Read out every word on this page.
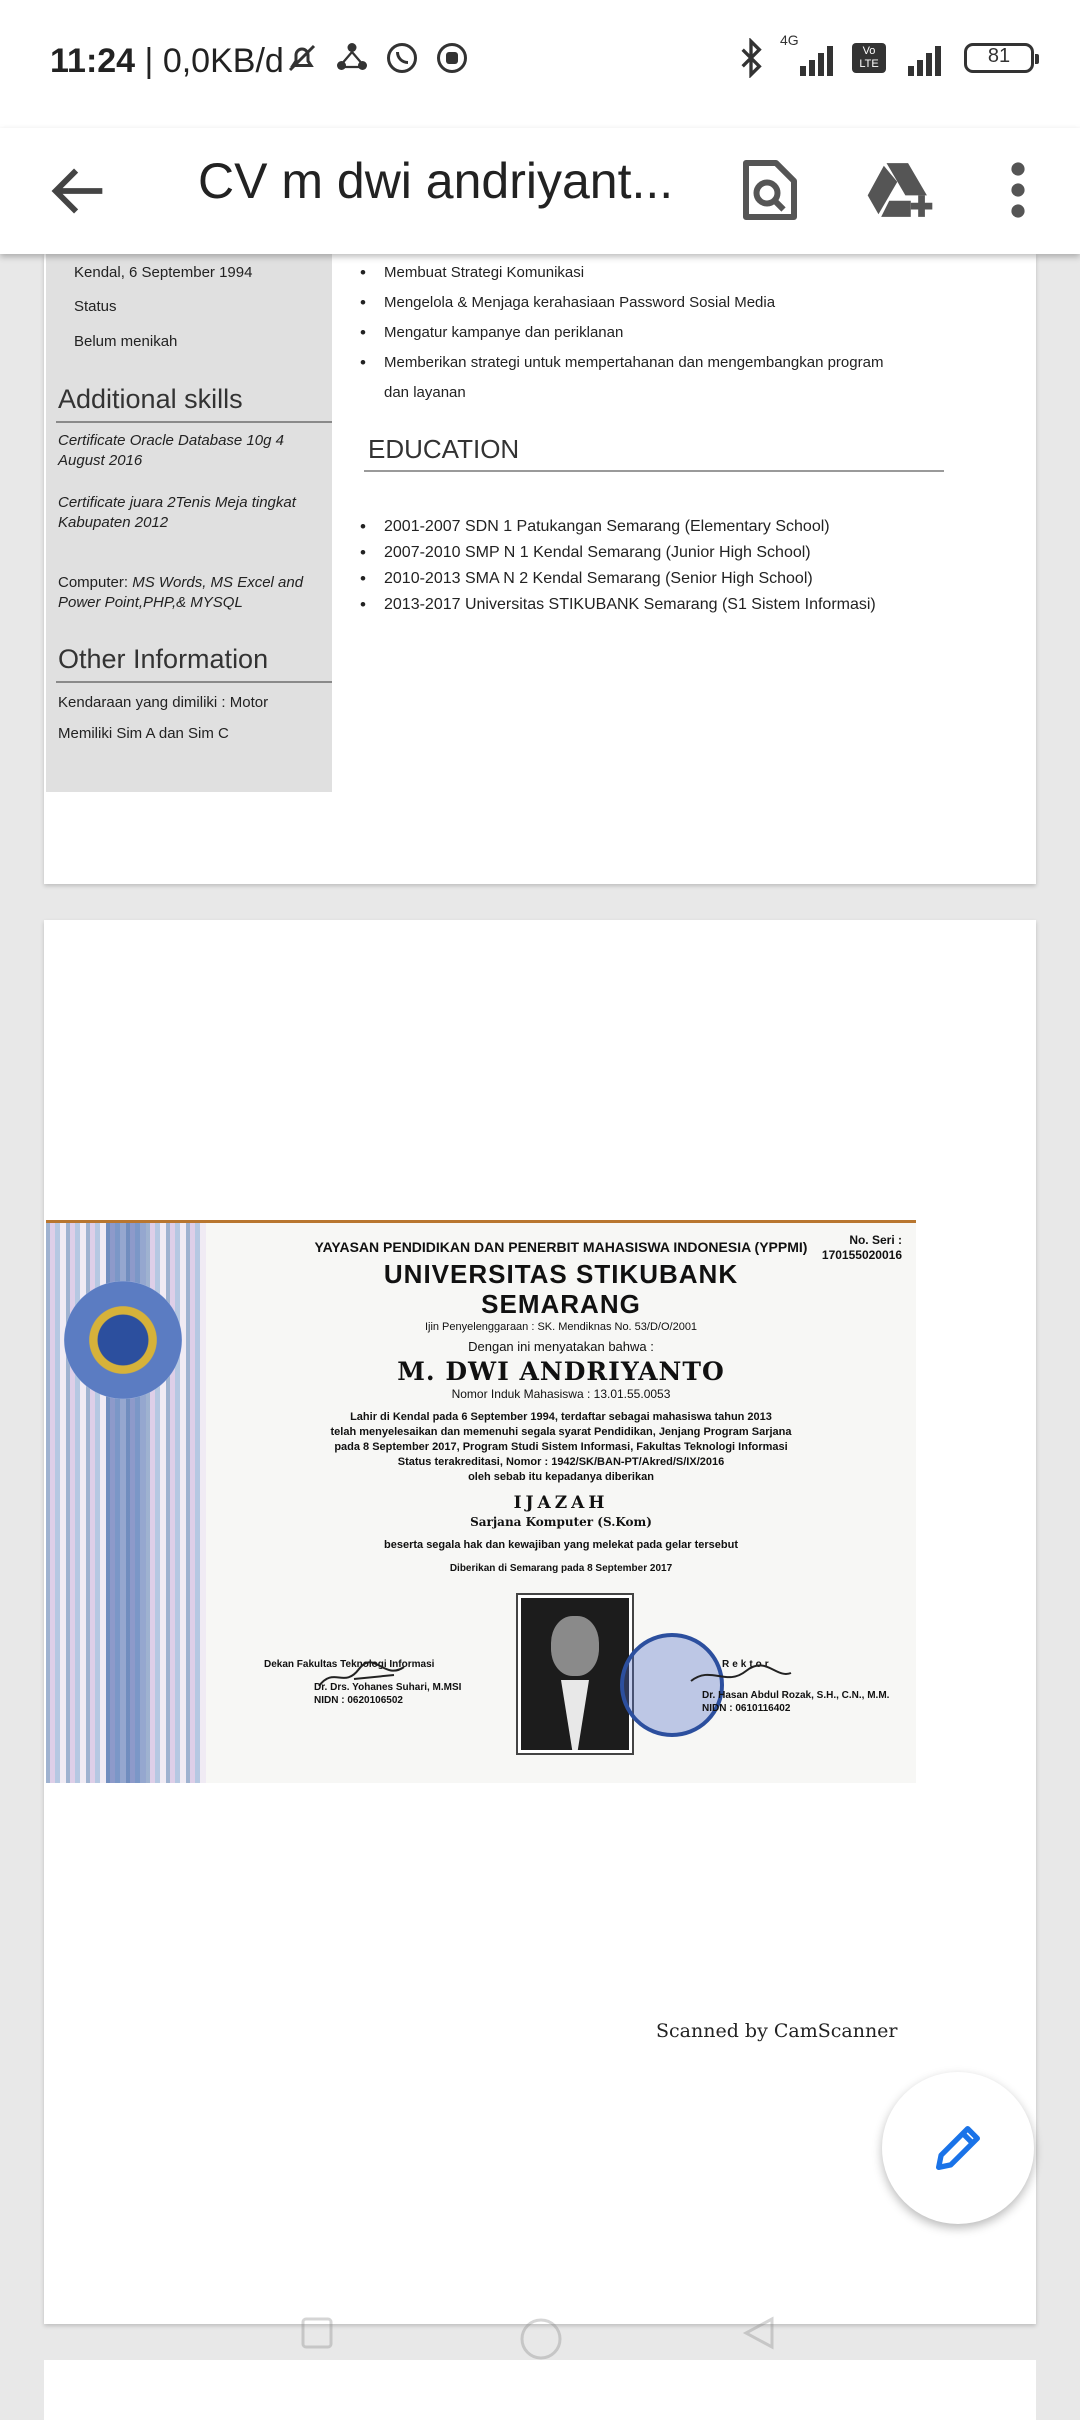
11:24 | 0,0KB/d
4G
Vo LTE	81
CV m dwi andriyant...
Kendal, 6 September 1994
Status
Belum menikah
Additional skills
Certificate Oracle Database 10g 4
August 2016
Certificate juara 2Tenis Meja tingkat
Kabupaten 2012
Computer: MS Words, MS Excel and
Power Point,PHP,& MYSQL
Other Information
Kendaraan yang dimiliki : Motor
Memiliki Sim A dan Sim C
• Membuat Strategi Komunikasi
• Mengelola & Menjaga kerahasiaan Password Sosial Media
• Mengatur kampanye dan periklanan
• Memberikan strategi untuk mempertahanan dan mengembangkan program
dan layanan
EDUCATION
• 2001-2007 SDN 1 Patukangan Semarang (Elementary School)
• 2007-2010 SMP N 1 Kendal Semarang (Junior High School)
• 2010-2013 SMA N 2 Kendal Semarang (Senior High School)
• 2013-2017 Universitas STIKUBANK Semarang (S1 Sistem Informasi)
YAYASAN PENDIDIKAN DAN PENERBIT MAHASISWA INDONESIA (YPPMI)	No. Seri :
170155020016
UNIVERSITAS STIKUBANK
SEMARANG
Ijin Penyelenggaraan : SK. Mendiknas No. 53/D/O/2001
Dengan ini menyatakan bahwa :
M. DWI ANDRIYANTO
Nomor Induk Mahasiswa : 13.01.55.0053
Lahir di Kendal pada 6 September 1994, terdaftar sebagai mahasiswa tahun 2013
telah menyelesaikan dan memenuhi segala syarat Pendidikan, Jenjang Program Sarjana
pada 8 September 2017, Program Studi Sistem Informasi, Fakultas Teknologi Informasi
Status terakreditasi, Nomor : 1942/SK/BAN-PT/Akred/S/IX/2016
oleh sebab itu kepadanya diberikan
IJAZAH
Sarjana Komputer (S.Kom)
beserta segala hak dan kewajiban yang melekat pada gelar tersebut
Diberikan di Semarang pada 8 September 2017
Dekan Fakultas Teknologi Informasi	Rektor
Dr. Drs. Yohanes Suhari, M.MSI
NIDN : 0620106502	Dr. Hasan Abdul Rozak, S.H., C.N., M.M.
NIDN : 0610116402
Scanned by CamScanner
